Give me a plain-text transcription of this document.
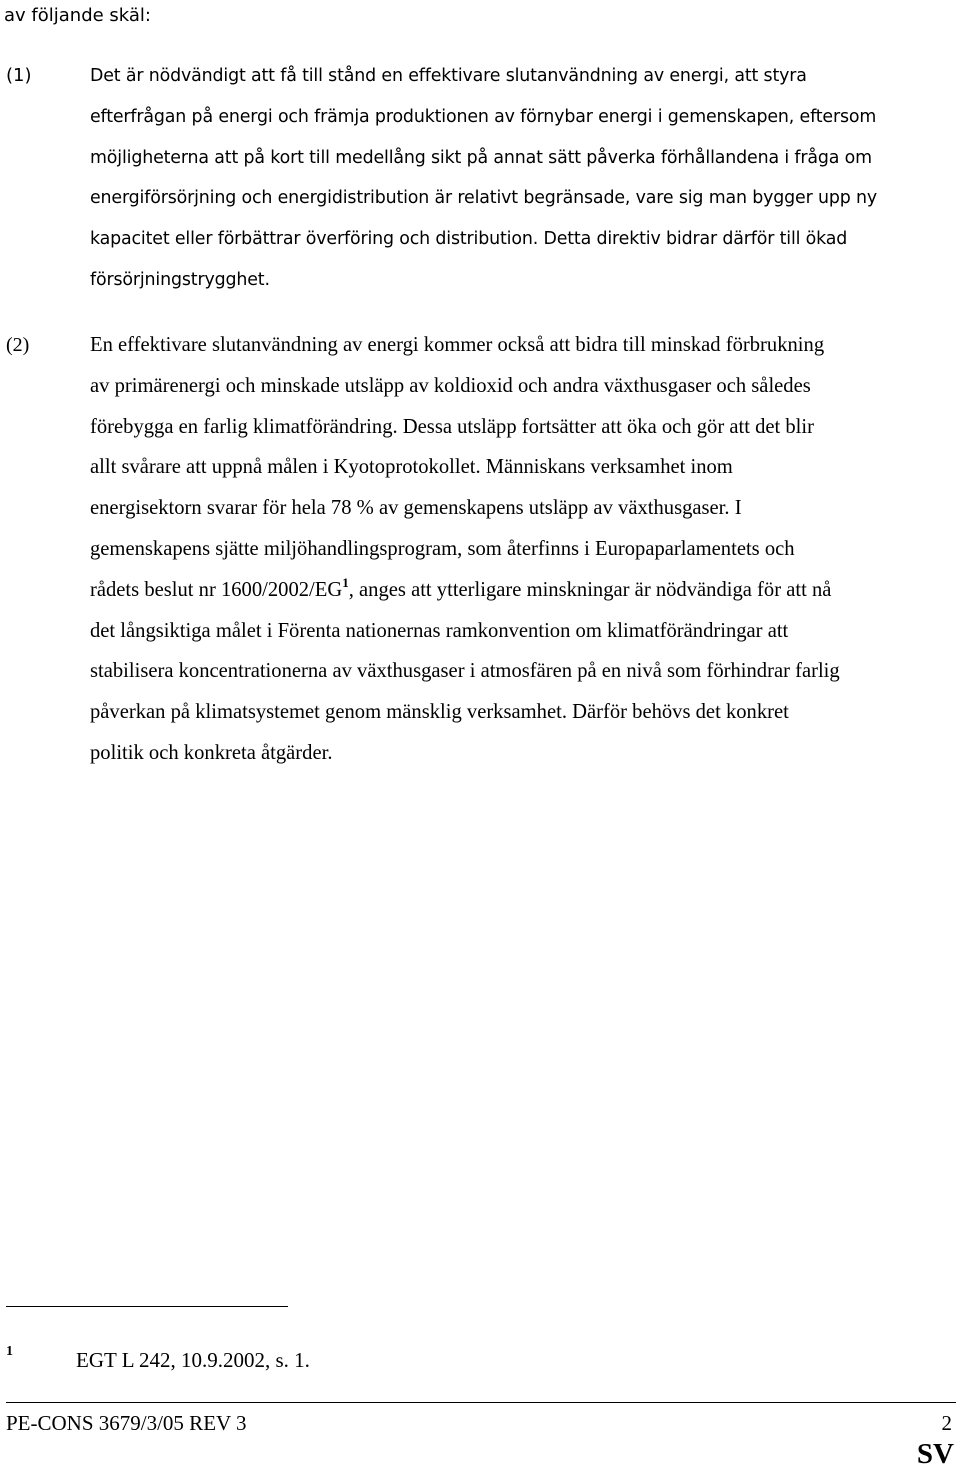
av följande skäl:
(1)	Det är nödvändigt att få till stånd en effektivare slutanvändning av energi, att styra
efterfrågan på energi och främja produktionen av förnybar energi i gemenskapen, eftersom
möjligheterna att på kort till medellång sikt på annat sätt påverka förhållandena i fråga om
energiförsörjning och energidistribution är relativt begränsade, vare sig man bygger upp ny
kapacitet eller förbättrar överföring och distribution. Detta direktiv bidrar därför till ökad
försörjningstrygghet.
(2)	En effektivare slutanvändning av energi kommer också att bidra till minskad förbrukning
av primärenergi och minskade utsläpp av koldioxid och andra växthusgaser och således
förebygga en farlig klimatförändring. Dessa utsläpp fortsätter att öka och gör att det blir
allt svårare att uppnå målen i Kyotoprotokollet. Människans verksamhet inom
energisektorn svarar för hela 78 % av gemenskapens utsläpp av växthusgaser. I
gemenskapens sjätte miljöhandlingsprogram, som återfinns i Europaparlamentets och
rådets beslut nr $1600/2002/EG^1$, anges att ytterligare minskningar är nödvändiga för att nå
det långsiktiga målet i Förenta nationernas ramkonvention om klimatförändringar att
stabilisera koncentrationerna av växthusgaser i atmosfären på en nivå som förhindrar farlig
påverkan på klimatsystemet genom mänsklig verksamhet. Därför behövs det konkret
politik och konkreta åtgärder.
1	EGT L 242, 10.9.2002, s. 1.
PE-CONS 3679/3/05 REV 3	2
SV
